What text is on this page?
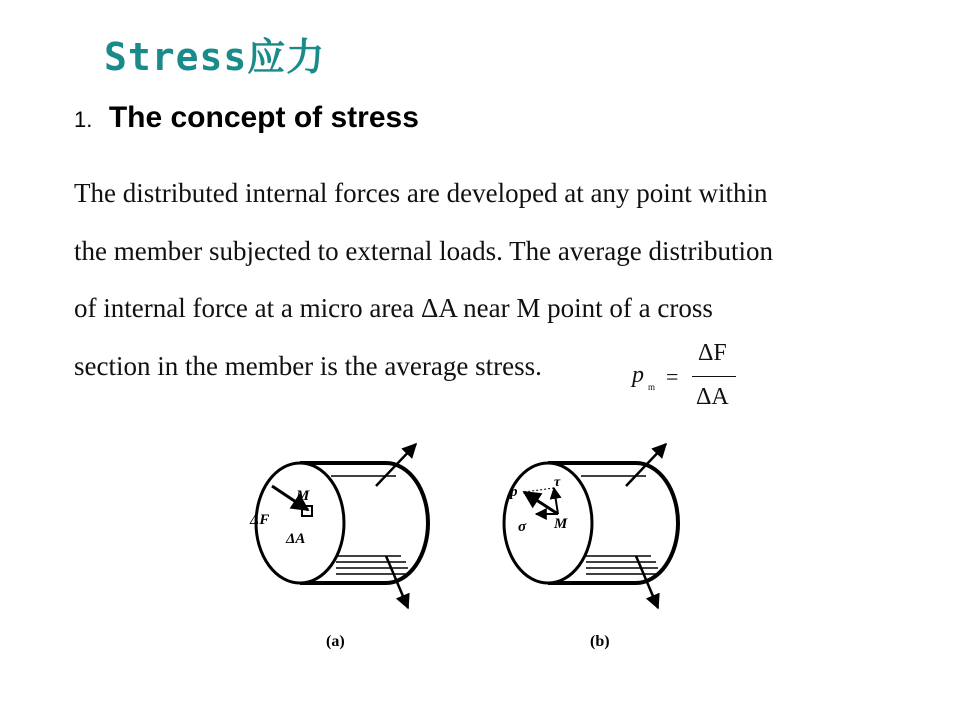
Stress应力
1. The concept of stress
The distributed internal forces are developed at any point within
the member subjected to external loads. The average distribution
of internal force at a micro area ΔA near M point of a cross
section in the member is the average stress.	p m =
ΔF
ΔA
M
ΔF
ΔA
(a)
p
τ
σ M
(b)
